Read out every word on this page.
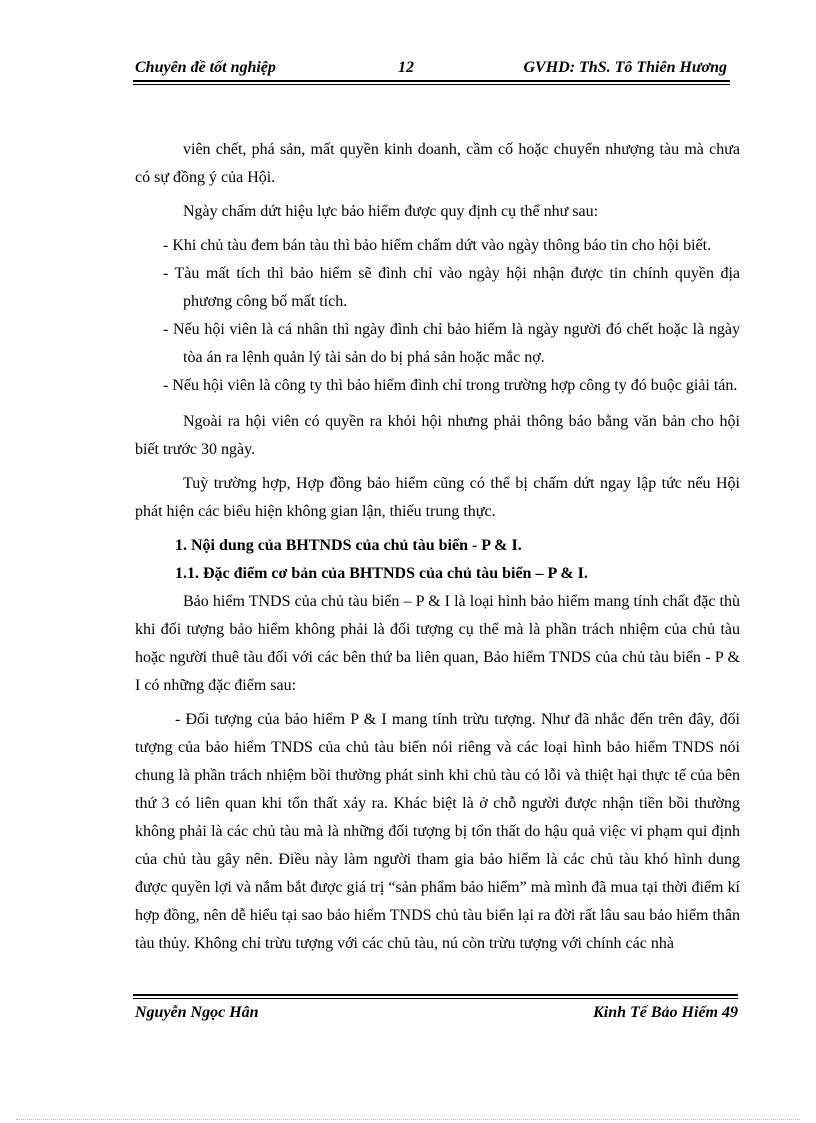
Chuyên đề tốt nghiệp	12	GVHD: ThS. Tô Thiên Hương

viên chết, phá sản, mất quyền kinh doanh, cầm cố hoặc chuyển nhượng tàu mà chưa có sự đồng ý của Hội.

Ngày chấm dứt hiệu lực bảo hiểm được quy định cụ thể như sau:

- Khi chủ tàu đem bán tàu thì bảo hiểm chấm dứt vào ngày thông báo tin cho hội biết.

- Tàu mất tích thì bảo hiểm sẽ đình chỉ vào ngày hội nhận được tin chính quyền địa phương công bố mất tích.

- Nếu hội viên là cá nhân thì ngày đình chỉ bảo hiểm là ngày người đó chết hoặc là ngày tòa án ra lệnh quản lý tài sản do bị phá sản hoặc mắc nợ.

- Nếu hội viên là công ty thì bảo hiểm đình chỉ trong trường hợp công ty đó buộc giải tán.

Ngoài ra hội viên có quyền ra khỏi hội nhưng phải thông báo bằng văn bản cho hội biết trước 30 ngày.

Tuỳ trường hợp, Hợp đồng bảo hiểm cũng có thể bị chấm dứt ngay lập tức nếu Hội phát hiện các biểu hiện không gian lận, thiếu trung thực.

1. Nội dung của BHTNDS của chủ tàu biển - P & I.

1.1. Đặc điểm cơ bản của BHTNDS của chủ tàu biển – P & I.

Bảo hiểm TNDS của chủ tàu biển – P & I là loại hình bảo hiểm mang tính chất đặc thù khi đối tượng bảo hiểm không phải là đối tượng cụ thể mà là phần trách nhiệm của chủ tàu hoặc người thuê tàu đối với các bên thứ ba liên quan, Bảo hiểm TNDS của chủ tàu biển - P & I có những đặc điểm sau:

- Đối tượng của bảo hiểm P & I mang tính trừu tượng. Như đã nhắc đến trên đây, đối tượng của bảo hiểm TNDS của chủ tàu biển nói riêng và các loại hình bảo hiểm TNDS nói chung là phần trách nhiệm bồi thường phát sinh khi chủ tàu có lỗi và thiệt hại thực tế của bên thứ 3 có liên quan khi tổn thất xảy ra. Khác biệt là ở chỗ người được nhận tiền bồi thường không phải là các chủ tàu mà là những đối tượng bị tổn thất do hậu quả việc vi phạm qui định của chủ tàu gây nên. Điều này làm người tham gia bảo hiểm là các chủ tàu khó hình dung được quyền lợi và nắm bắt được giá trị “sản phẩm bảo hiểm” mà mình đã mua tại thời điểm kí hợp đồng, nên dễ hiểu tại sao bảo hiểm TNDS chủ tàu biển lại ra đời rất lâu sau bảo hiểm thân tàu thủy. Không chỉ trừu tượng với các chủ tàu, nú còn trừu tượng với chính các nhà

Nguyễn Ngọc Hân	Kinh Tế Bảo Hiểm 49
